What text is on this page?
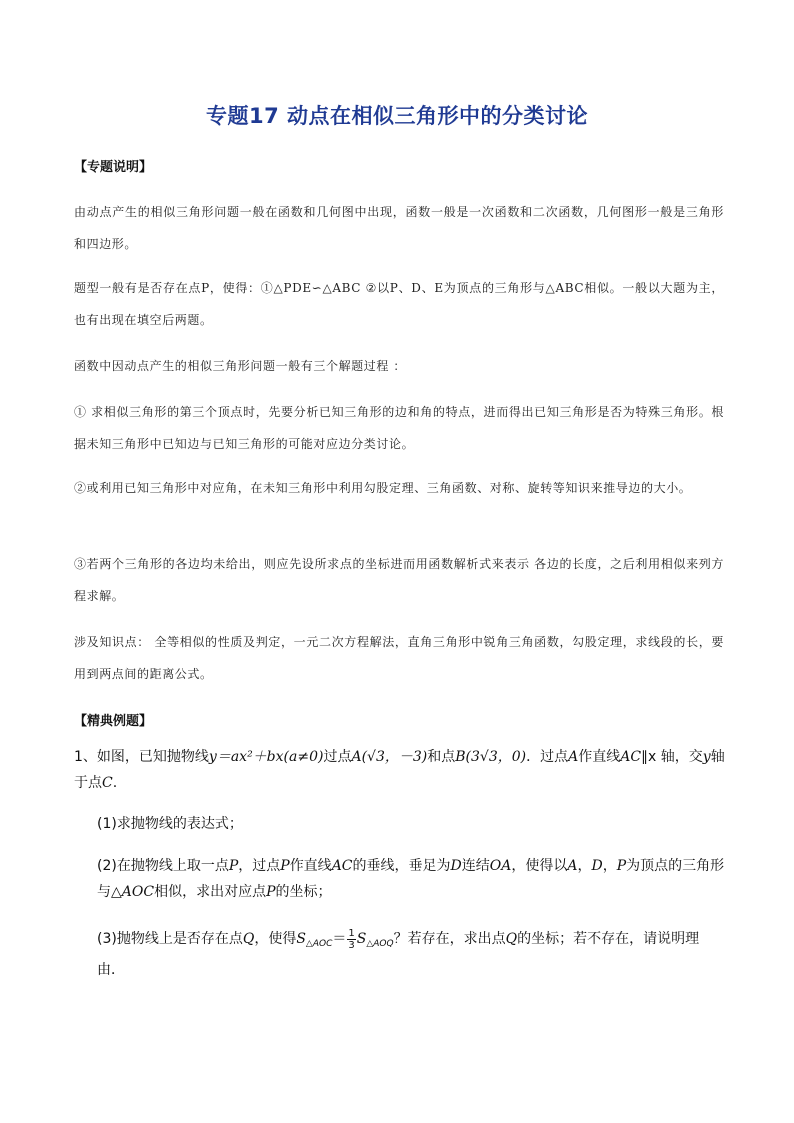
专题17 动点在相似三角形中的分类讨论
【专题说明】
由动点产生的相似三角形问题一般在函数和几何图中出现，函数一般是一次函数和二次函数，几何图形一般是三角形和四边形。
题型一般有是否存在点P，使得：①△PDE∽△ABC ②以P、D、E为顶点的三角形与△ABC相似。一般以大题为主，也有出现在填空后两题。
函数中因动点产生的相似三角形问题一般有三个解题过程 ：
① 求相似三角形的第三个顶点时，先要分析已知三角形的边和角的特点，进而得出已知三角形是否为特殊三角形。根据未知三角形中已知边与已知三角形的可能对应边分类讨论。
②或利用已知三角形中对应角，在未知三角形中利用勾股定理、三角函数、对称、旋转等知识来推导边的大小。
③若两个三角形的各边均未给出，则应先设所求点的坐标进而用函数解析式来表示 各边的长度，之后利用相似来列方程求解。
涉及知识点： 全等相似的性质及判定，一元二次方程解法，直角三角形中锐角三角函数，勾股定理，求线段的长，要用到两点间的距离公式。
【精典例题】
1、如图，已知抛物线y＝ax²＋bx(a≠0)过点A(√3，－3)和点B(3√3，0)．过点A作直线AC∥x 轴，交y轴于点C.
(1)求抛物线的表达式；
(2)在抛物线上取一点P，过点P作直线AC的垂线，垂足为D连结OA，使得以A，D，P为顶点的三角形与△AOC相似，求出对应点P的坐标；
(3)抛物线上是否存在点Q，使得$S_{\triangle AOC}= \frac{1}{3} S_{\triangle AOQ}$？若存在，求出点Q的坐标；若不存在，请说明理由．
